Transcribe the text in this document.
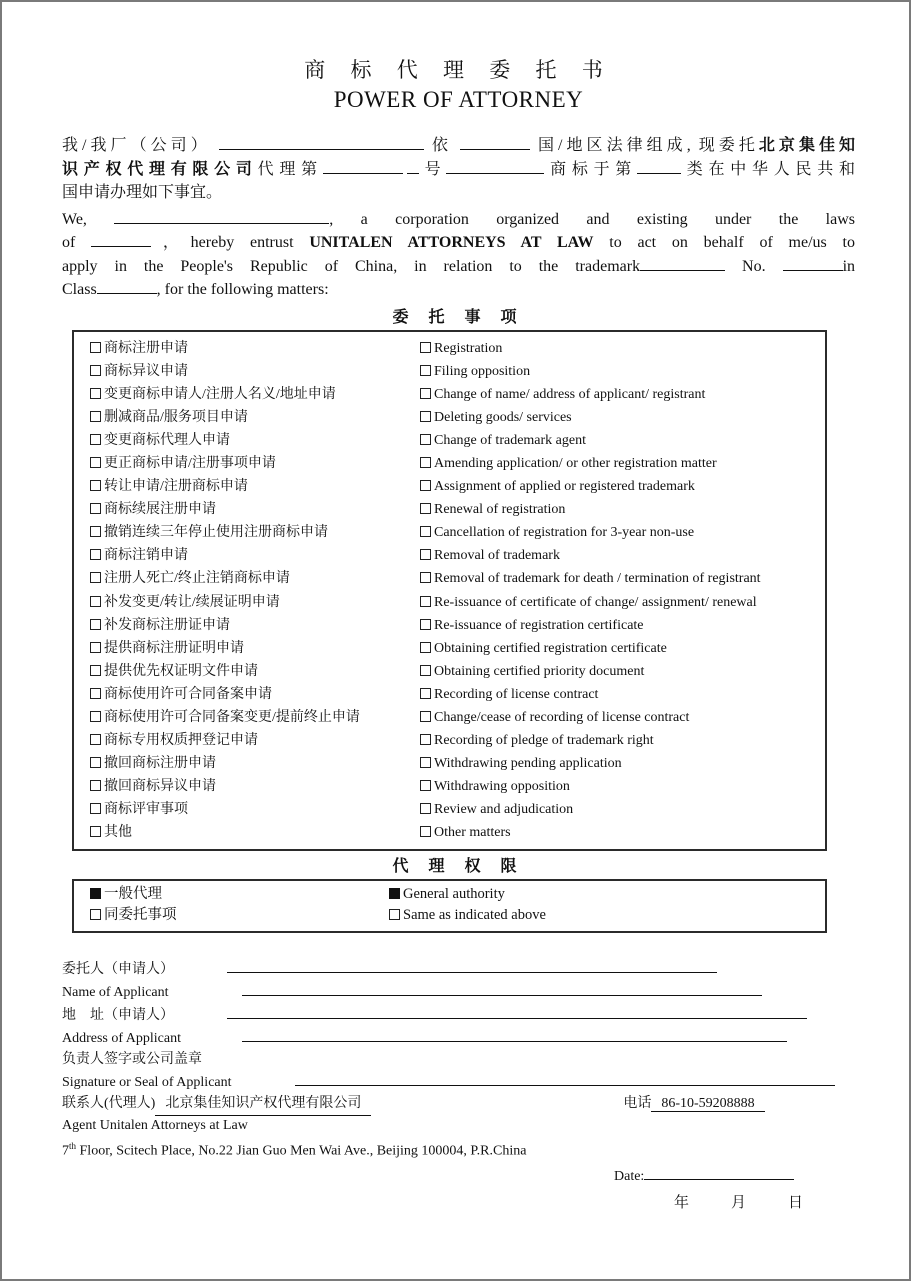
商 标 代 理 委 托 书
POWER OF ATTORNEY
我/我厂（公司）	依	国/地区法律组成, 现委托北京集佳知
识产权代理有限公司代理第	号	商标于第	类在中华人民共和
国申请办理如下事宜。
We,	, a corporation organized and existing under the laws
of	，hereby entrust UNITALEN ATTORNEYS AT LAW to act on behalf of me/us to
apply in the People's Republic of China, in relation to the trademark	No.	in
Class	, for the following matters:
委 托 事 项
商标注册申请	Registration
商标异议申请	Filing opposition
变更商标申请人/注册人名义/地址申请	Change of name/ address of applicant/ registrant
删减商品/服务项目申请	Deleting goods/ services
变更商标代理人申请	Change of trademark agent
更正商标申请/注册事项申请	Amending application/ or other registration matter
转让申请/注册商标申请	Assignment of applied or registered trademark
商标续展注册申请	Renewal of registration
撤销连续三年停止使用注册商标申请	Cancellation of registration for 3-year non-use
商标注销申请	Removal of trademark
注册人死亡/终止注销商标申请	Removal of trademark for death / termination of registrant
补发变更/转让/续展证明申请	Re-issuance of certificate of change/ assignment/ renewal
补发商标注册证申请	Re-issuance of registration certificate
提供商标注册证明申请	Obtaining certified registration certificate
提供优先权证明文件申请	Obtaining certified priority document
商标使用许可合同备案申请	Recording of license contract
商标使用许可合同备案变更/提前终止申请	Change/cease of recording of license contract
商标专用权质押登记申请	Recording of pledge of trademark right
撤回商标注册申请	Withdrawing pending application
撤回商标异议申请	Withdrawing opposition
商标评审事项	Review and adjudication
其他	Other matters
代 理 权 限
一般代理	General authority
同委托事项	Same as indicated above
委托人（申请人）
Name of Applicant
地　址（申请人）
Address of Applicant
负责人签字或公司盖章
Signature or Seal of Applicant
联系人(代理人) 北京集佳知识产权代理有限公司	电话 86-10-59208888
Agent Unitalen Attorneys at Law
7th Floor, Scitech Place, No.22 Jian Guo Men Wai Ave., Beijing 100004, P.R.China
Date:
年	月	日
